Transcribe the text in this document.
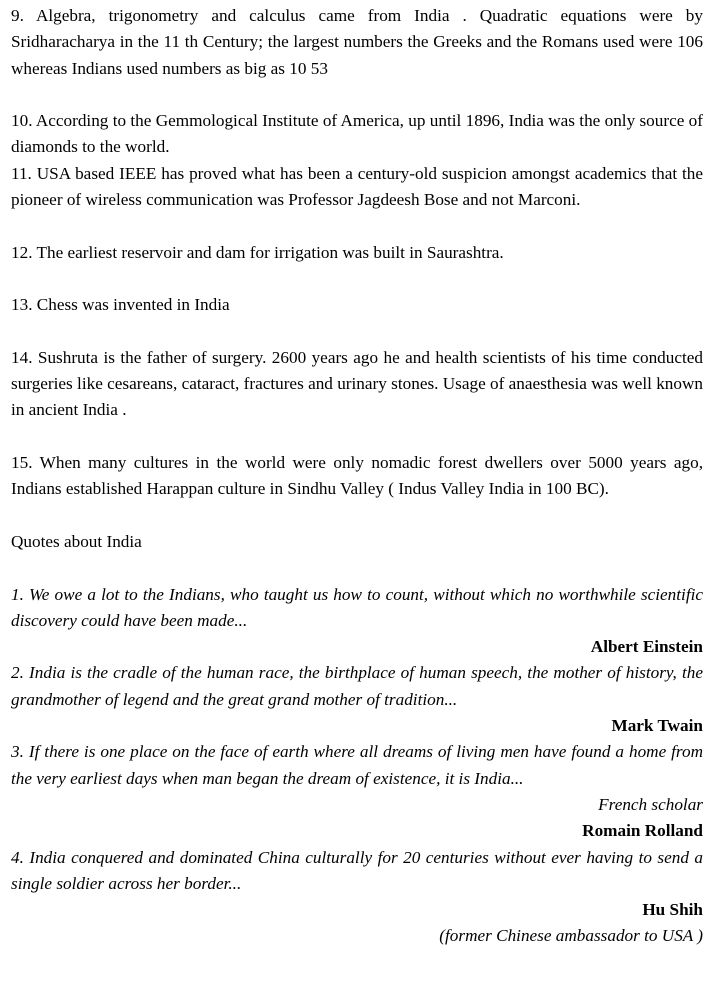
9. Algebra, trigonometry and calculus came from India . Quadratic equations were by Sridharacharya in the 11 th Century; the largest numbers the Greeks and the Romans used were 106 whereas Indians used numbers as big as 10 53

10. According to the Gemmological Institute of America, up until 1896, India was the only source of diamonds to the world.

11. USA based IEEE has proved what has been a century-old suspicion amongst academics that the pioneer of wireless communication was Professor Jagdeesh Bose and not Marconi.

12. The earliest reservoir and dam for irrigation was built in Saurashtra.

13. Chess was invented in India

14. Sushruta is the father of surgery. 2600 years ago he and health scientists of his time conducted surgeries like cesareans, cataract, fractures and urinary stones. Usage of anaesthesia was well known in ancient India .

15. When many cultures in the world were only nomadic forest dwellers over 5000 years ago, Indians established Harappan culture in Sindhu Valley ( Indus Valley India in 100 BC).

Quotes about India

1. We owe a lot to the Indians, who taught us how to count, without which no worthwhile scientific discovery could have been made...

Albert Einstein

2. India is the cradle of the human race, the birthplace of human speech, the mother of history, the grandmother of legend and the great grand mother of tradition...

Mark Twain

3. If there is one place on the face of earth where all dreams of living men have found a home from the very earliest days when man began the dream of existence, it is India...

French scholar

Romain Rolland

4. India conquered and dominated China culturally for 20 centuries without ever having to send a single soldier across her border...

Hu Shih

(former Chinese ambassador to USA )
